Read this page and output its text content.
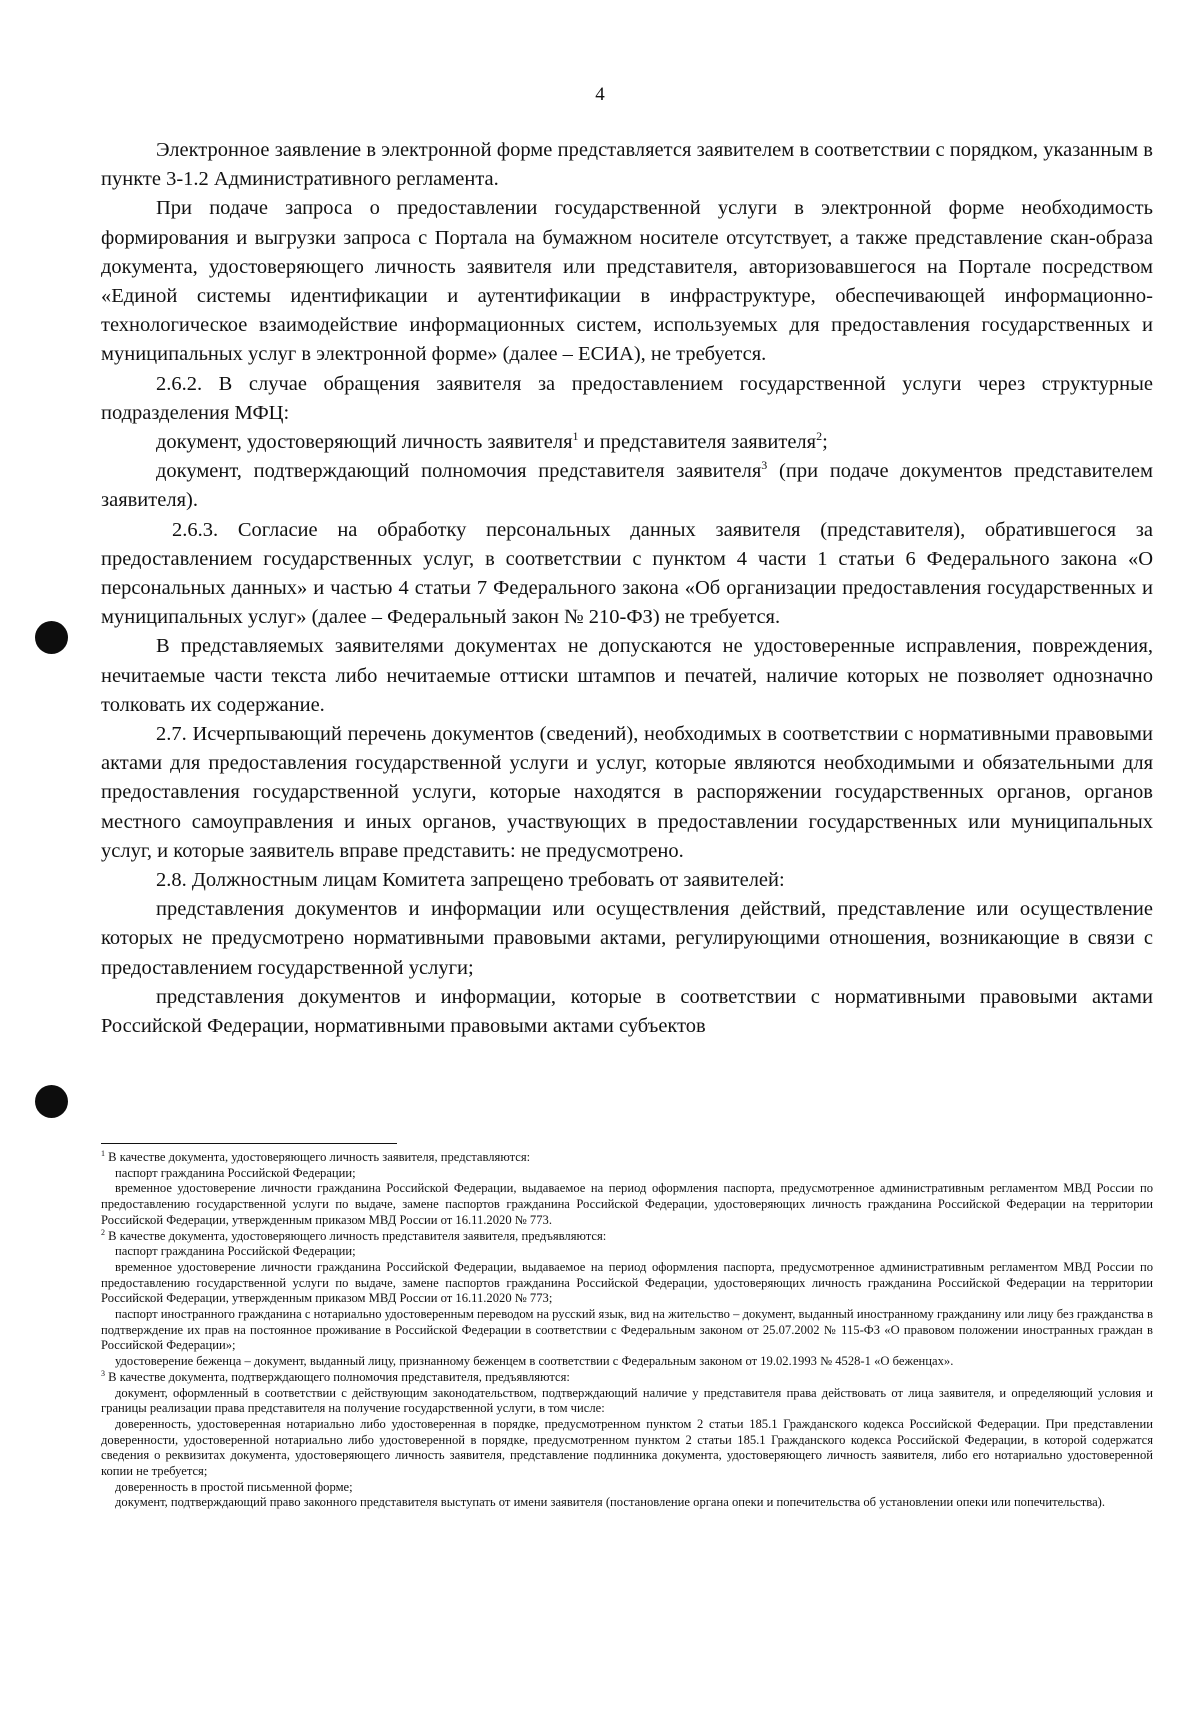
4

Электронное заявление в электронной форме представляется заявителем в соответствии с порядком, указанным в пункте 3-1.2 Административного регламента.

При подаче запроса о предоставлении государственной услуги в электронной форме необходимость формирования и выгрузки запроса с Портала на бумажном носителе отсутствует, а также представление скан-образа документа, удостоверяющего личность заявителя или представителя, авторизовавшегося на Портале посредством «Единой системы идентификации и аутентификации в инфраструктуре, обеспечивающей информационно-технологическое взаимодействие информационных систем, используемых для предоставления государственных и муниципальных услуг в электронной форме» (далее – ЕСИА), не требуется.

2.6.2. В случае обращения заявителя за предоставлением государственной услуги через структурные подразделения МФЦ:

документ, удостоверяющий личность заявителя$^1$ и представителя заявителя$^2$;

документ, подтверждающий полномочия представителя заявителя$^3$ (при подаче документов представителем заявителя).

2.6.3. Согласие на обработку персональных данных заявителя (представителя), обратившегося за предоставлением государственных услуг, в соответствии с пунктом 4 части 1 статьи 6 Федерального закона «О персональных данных» и частью 4 статьи 7 Федерального закона «Об организации предоставления государственных и муниципальных услуг» (далее – Федеральный закон № 210-ФЗ) не требуется.

В представляемых заявителями документах не допускаются не удостоверенные исправления, повреждения, нечитаемые части текста либо нечитаемые оттиски штампов и печатей, наличие которых не позволяет однозначно толковать их содержание.

2.7. Исчерпывающий перечень документов (сведений), необходимых в соответствии с нормативными правовыми актами для предоставления государственной услуги и услуг, которые являются необходимыми и обязательными для предоставления государственной услуги, которые находятся в распоряжении государственных органов, органов местного самоуправления и иных органов, участвующих в предоставлении государственных или муниципальных услуг, и которые заявитель вправе представить: не предусмотрено.

2.8. Должностным лицам Комитета запрещено требовать от заявителей:

представления документов и информации или осуществления действий, представление или осуществление которых не предусмотрено нормативными правовыми актами, регулирующими отношения, возникающие в связи с предоставлением государственной услуги;

представления документов и информации, которые в соответствии с нормативными правовыми актами Российской Федерации, нормативными правовыми актами субъектов

$^1$ В качестве документа, удостоверяющего личность заявителя, представляются:

паспорт гражданина Российской Федерации;

временное удостоверение личности гражданина Российской Федерации, выдаваемое на период оформления паспорта, предусмотренное административным регламентом МВД России по предоставлению государственной услуги по выдаче, замене паспортов гражданина Российской Федерации, удостоверяющих личность гражданина Российской Федерации на территории Российской Федерации, утвержденным приказом МВД России от 16.11.2020 № 773.

$^2$ В качестве документа, удостоверяющего личность представителя заявителя, предъявляются:

паспорт гражданина Российской Федерации;

временное удостоверение личности гражданина Российской Федерации, выдаваемое на период оформления паспорта, предусмотренное административным регламентом МВД России по предоставлению государственной услуги по выдаче, замене паспортов гражданина Российской Федерации, удостоверяющих личность гражданина Российской Федерации на территории Российской Федерации, утвержденным приказом МВД России от 16.11.2020 № 773;

паспорт иностранного гражданина с нотариально удостоверенным переводом на русский язык, вид на жительство – документ, выданный иностранному гражданину или лицу без гражданства в подтверждение их прав на постоянное проживание в Российской Федерации в соответствии с Федеральным законом от 25.07.2002 № 115-ФЗ «О правовом положении иностранных граждан в Российской Федерации»;

удостоверение беженца – документ, выданный лицу, признанному беженцем в соответствии с Федеральным законом от 19.02.1993 № 4528-1 «О беженцах».

$^3$ В качестве документа, подтверждающего полномочия представителя, предъявляются:

документ, оформленный в соответствии с действующим законодательством, подтверждающий наличие у представителя права действовать от лица заявителя, и определяющий условия и границы реализации права представителя на получение государственной услуги, в том числе:

доверенность, удостоверенная нотариально либо удостоверенная в порядке, предусмотренном пунктом 2 статьи 185.1 Гражданского кодекса Российской Федерации. При представлении доверенности, удостоверенной нотариально либо удостоверенной в порядке, предусмотренном пунктом 2 статьи 185.1 Гражданского кодекса Российской Федерации, в которой содержатся сведения о реквизитах документа, удостоверяющего личность заявителя, представление подлинника документа, удостоверяющего личность заявителя, либо его нотариально удостоверенной копии не требуется;

доверенность в простой письменной форме;

документ, подтверждающий право законного представителя выступать от имени заявителя (постановление органа опеки и попечительства об установлении опеки или попечительства).
